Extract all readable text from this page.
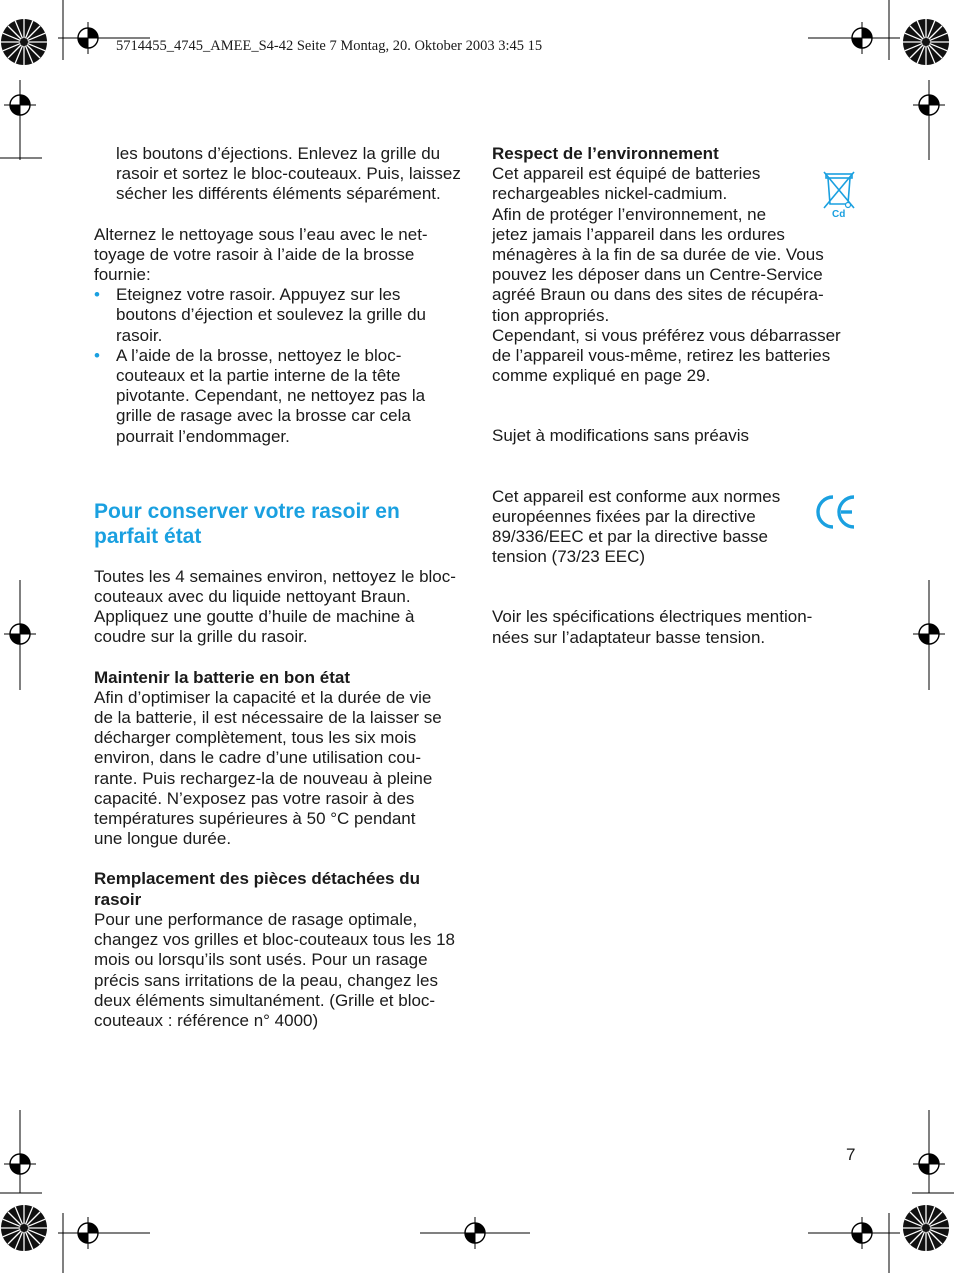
5714455_4745_AMEE_S4-42 Seite 7 Montag, 20. Oktober 2003 3:45 15

les boutons d’éjections. Enlevez la grille du rasoir et sortez le bloc-couteaux. Puis, laissez sécher les différents éléments séparément.

Alternez le nettoyage sous l’eau avec le net-
toyage de votre rasoir à l’aide de la brosse
fournie:

• Eteignez votre rasoir. Appuyez sur les boutons d’éjection et soulevez la grille du rasoir.
• A l’aide de la brosse, nettoyez le bloc-couteaux et la partie interne de la tête pivotante. Cependant, ne nettoyez pas la grille de rasage avec la brosse car cela pourrait l’endommager.
Pour conserver votre rasoir en parfait état

Toutes les 4 semaines environ, nettoyez le bloc-couteaux avec du liquide nettoyant Braun. Appliquez une goutte d’huile de machine à coudre sur la grille du rasoir.

Maintenir la batterie en bon état

Afin d’optimiser la capacité et la durée de vie
de la batterie, il est nécessaire de la laisser se
décharger complètement, tous les six mois
environ, dans le cadre d’une utilisation cou-
rante. Puis rechargez-la de nouveau à pleine
capacité. N’exposez pas votre rasoir à des
températures supérieures à 50 °C pendant
une longue durée.

Remplacement des pièces détachées du rasoir

Pour une performance de rasage optimale, changez vos grilles et bloc-couteaux tous les 18 mois ou lorsqu’ils sont usés. Pour un rasage précis sans irritations de la peau, changez les deux éléments simultanément. (Grille et bloc-couteaux : référence n° 4000)

Respect de l’environnement

Cet appareil est équipé de batteries
rechargeables nickel-cadmium.
Afin de protéger l’environnement, ne
jetez jamais l’appareil dans les ordures
ménagères à la fin de sa durée de vie. Vous
pouvez les déposer dans un Centre-Service
agréé Braun ou dans des sites de récupéra-
tion appropriés.
Cependant, si vous préférez vous débarrasser
de l’appareil vous-même, retirez les batteries
comme expliqué en page 29.

Sujet à modifications sans préavis

Cet appareil est conforme aux normes
européennes fixées par la directive
89/336/EEC et par la directive basse
tension (73/23 EEC)

Voir les spécifications électriques mention-
nées sur l’adaptateur basse tension.

Cd
7
